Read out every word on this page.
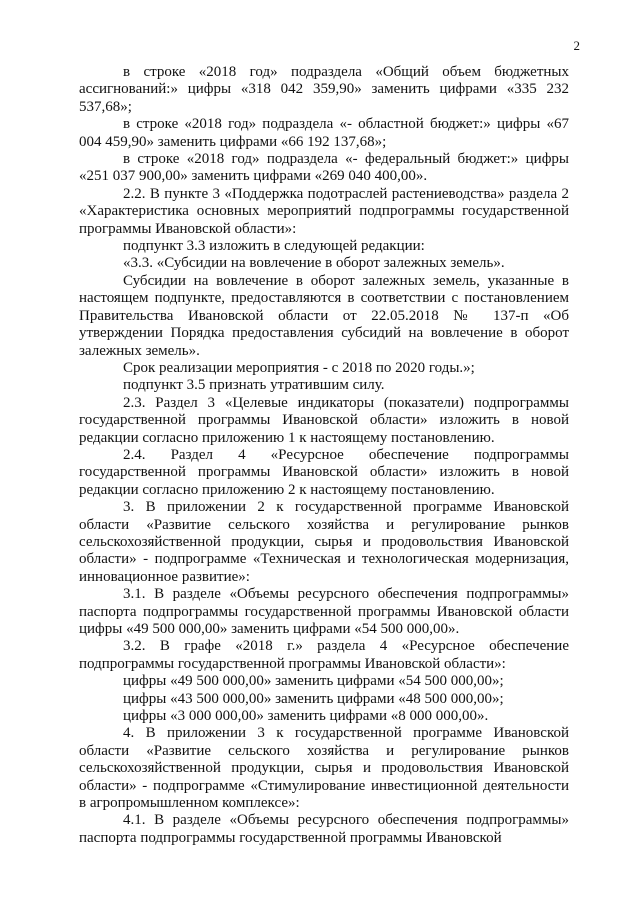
2

в строке «2018 год» подраздела «Общий объем бюджетных ассигнований:» цифры «318 042 359,90» заменить цифрами «335 232 537,68»;

в строке «2018 год» подраздела «- областной бюджет:» цифры «67 004 459,90» заменить цифрами «66 192 137,68»;

в строке «2018 год» подраздела «- федеральный бюджет:» цифры «251 037 900,00» заменить цифрами «269 040 400,00».

2.2. В пункте 3 «Поддержка подотраслей растениеводства» раздела 2 «Характеристика основных мероприятий подпрограммы государственной программы Ивановской области»:

подпункт 3.3 изложить в следующей редакции:

«3.3. «Субсидии на вовлечение в оборот залежных земель».

Субсидии на вовлечение в оборот залежных земель, указанные в настоящем подпункте, предоставляются в соответствии с постановлением Правительства Ивановской области от 22.05.2018 № 137-п «Об утверждении Порядка предоставления субсидий на вовлечение в оборот залежных земель».

Срок реализации мероприятия - с 2018 по 2020 годы.»;

подпункт 3.5 признать утратившим силу.

2.3. Раздел 3 «Целевые индикаторы (показатели) подпрограммы государственной программы Ивановской области» изложить в новой редакции согласно приложению 1 к настоящему постановлению.

2.4. Раздел 4 «Ресурсное обеспечение подпрограммы государственной программы Ивановской области» изложить в новой редакции согласно приложению 2 к настоящему постановлению.

3. В приложении 2 к государственной программе Ивановской области «Развитие сельского хозяйства и регулирование рынков сельскохозяйственной продукции, сырья и продовольствия Ивановской области» - подпрограмме «Техническая и технологическая модернизация, инновационное развитие»:

3.1. В разделе «Объемы ресурсного обеспечения подпрограммы» паспорта подпрограммы государственной программы Ивановской области цифры «49 500 000,00» заменить цифрами «54 500 000,00».

3.2. В графе «2018 г.» раздела 4 «Ресурсное обеспечение подпрограммы государственной программы Ивановской области»:

цифры «49 500 000,00» заменить цифрами «54 500 000,00»;

цифры «43 500 000,00» заменить цифрами «48 500 000,00»;

цифры «3 000 000,00» заменить цифрами «8 000 000,00».

4. В приложении 3 к государственной программе Ивановской области «Развитие сельского хозяйства и регулирование рынков сельскохозяйственной продукции, сырья и продовольствия Ивановской области» - подпрограмме «Стимулирование инвестиционной деятельности в агропромышленном комплексе»:

4.1. В разделе «Объемы ресурсного обеспечения подпрограммы» паспорта подпрограммы государственной программы Ивановской
